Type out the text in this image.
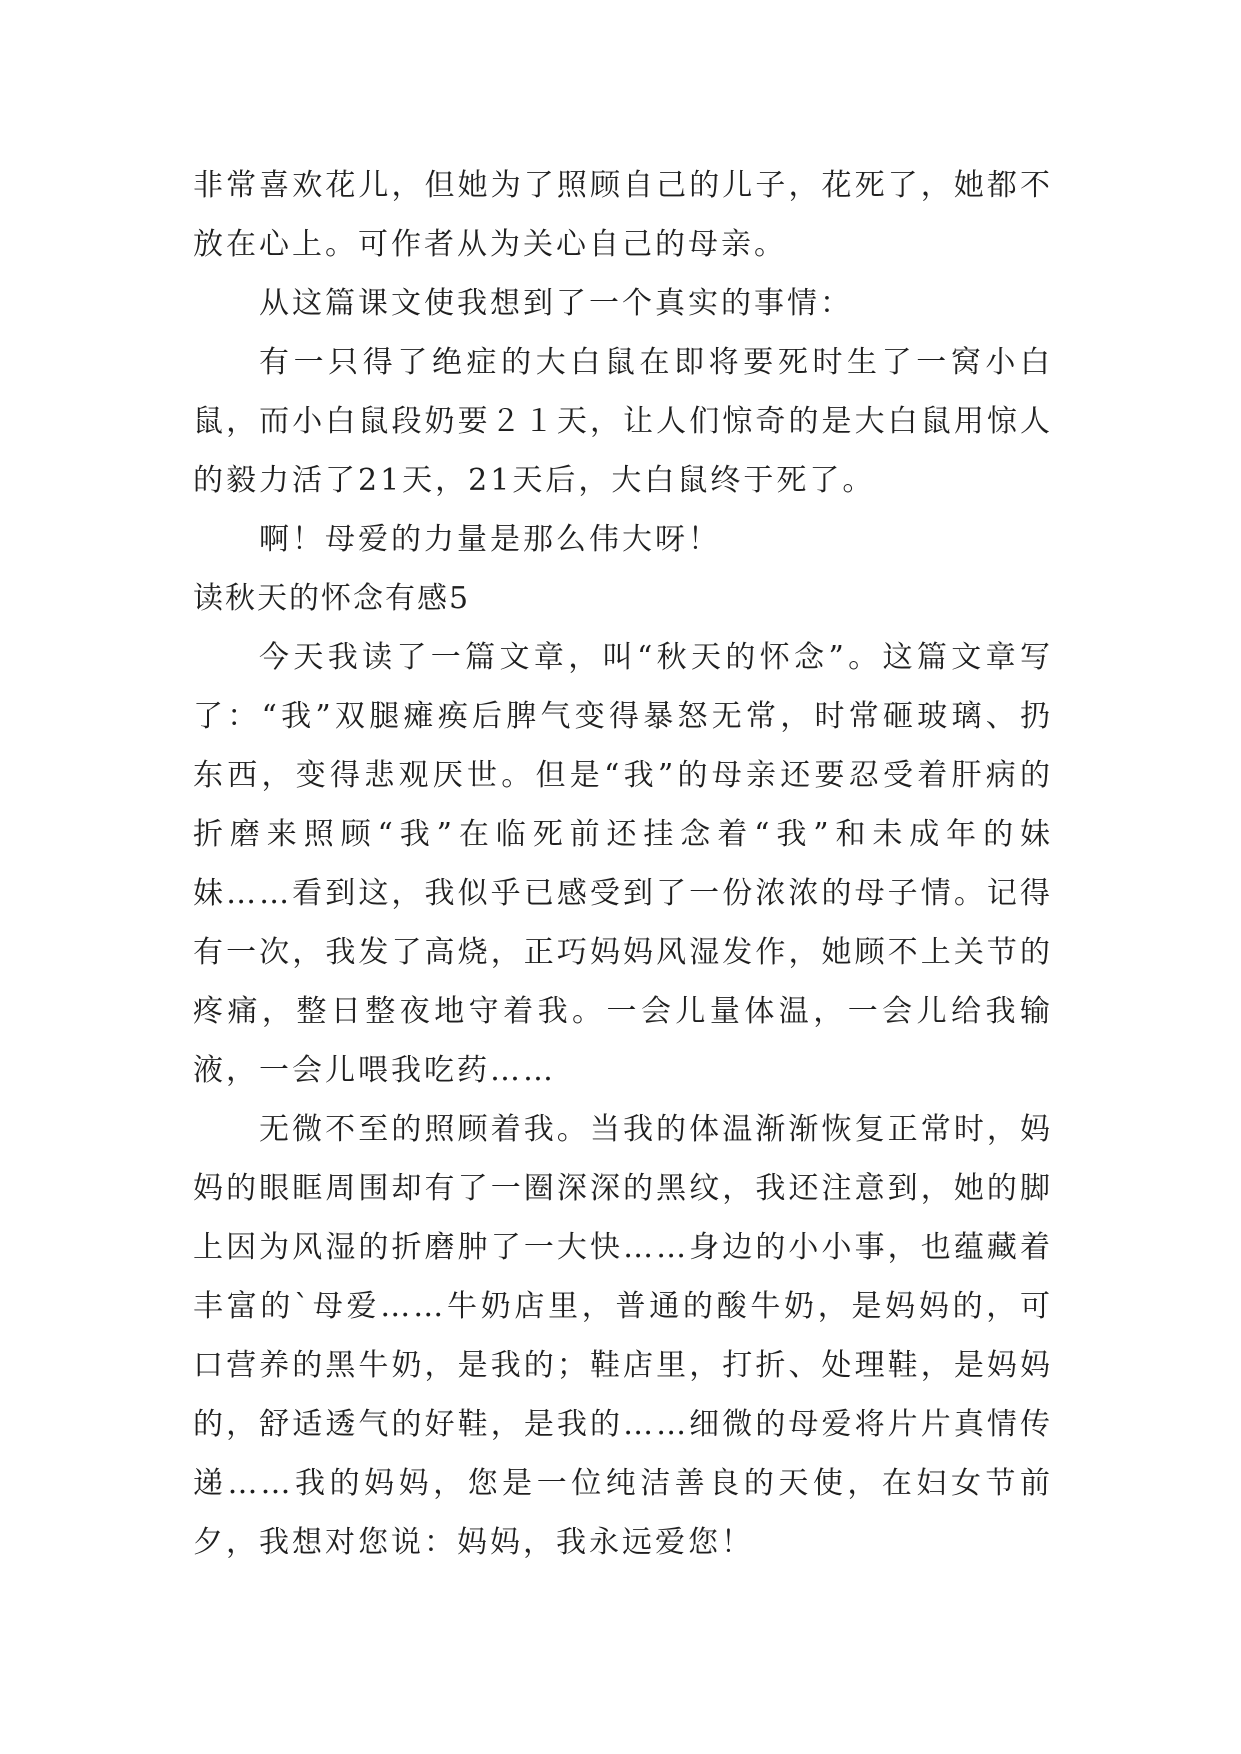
非常喜欢花儿，但她为了照顾自己的儿子，花死了，她都不放在心上。可作者从为关心自己的母亲。

从这篇课文使我想到了一个真实的事情：

有一只得了绝症的大白鼠在即将要死时生了一窝小白鼠，而小白鼠段奶要２１天，让人们惊奇的是大白鼠用惊人的毅力活了21天，21天后，大白鼠终于死了。

啊！母爱的力量是那么伟大呀！

读秋天的怀念有感5

今天我读了一篇文章，叫“秋天的怀念”。这篇文章写了：“我”双腿瘫痪后脾气变得暴怒无常，时常砸玻璃、扔东西，变得悲观厌世。但是“我”的母亲还要忍受着肝病的折磨来照顾“我”在临死前还挂念着“我”和未成年的妹妹……看到这，我似乎已感受到了一份浓浓的母子情。记得有一次，我发了高烧，正巧妈妈风湿发作，她顾不上关节的疼痛，整日整夜地守着我。一会儿量体温，一会儿给我输液，一会儿喂我吃药……

无微不至的照顾着我。当我的体温渐渐恢复正常时，妈妈的眼眶周围却有了一圈深深的黑纹，我还注意到，她的脚上因为风湿的折磨肿了一大快……身边的小小事，也蕴藏着丰富的`母爱……牛奶店里，普通的酸牛奶，是妈妈的，可口营养的黑牛奶，是我的；鞋店里，打折、处理鞋，是妈妈的，舒适透气的好鞋，是我的……细微的母爱将片片真情传递……我的妈妈，您是一位纯洁善良的天使，在妇女节前夕，我想对您说：妈妈，我永远爱您！
